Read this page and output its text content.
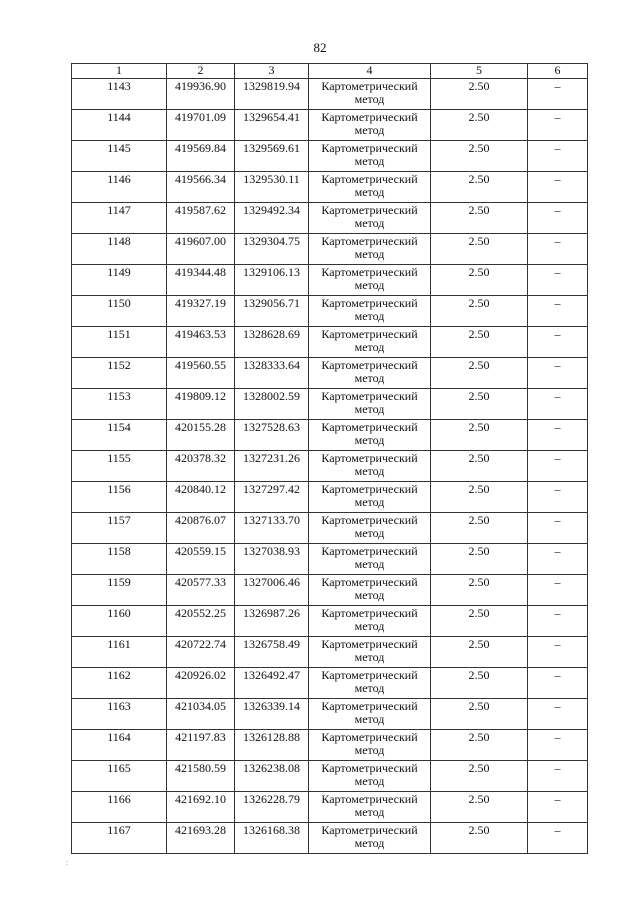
82
1	2	3	4	5	6
1143	419936.90	1329819.94	Картометрический метод	2.50	–
1144	419701.09	1329654.41	Картометрический метод	2.50	–
1145	419569.84	1329569.61	Картометрический метод	2.50	–
1146	419566.34	1329530.11	Картометрический метод	2.50	–
1147	419587.62	1329492.34	Картометрический метод	2.50	–
1148	419607.00	1329304.75	Картометрический метод	2.50	–
1149	419344.48	1329106.13	Картометрический метод	2.50	–
1150	419327.19	1329056.71	Картометрический метод	2.50	–
1151	419463.53	1328628.69	Картометрический метод	2.50	–
1152	419560.55	1328333.64	Картометрический метод	2.50	–
1153	419809.12	1328002.59	Картометрический метод	2.50	–
1154	420155.28	1327528.63	Картометрический метод	2.50	–
1155	420378.32	1327231.26	Картометрический метод	2.50	–
1156	420840.12	1327297.42	Картометрический метод	2.50	–
1157	420876.07	1327133.70	Картометрический метод	2.50	–
1158	420559.15	1327038.93	Картометрический метод	2.50	–
1159	420577.33	1327006.46	Картометрический метод	2.50	–
1160	420552.25	1326987.26	Картометрический метод	2.50	–
1161	420722.74	1326758.49	Картометрический метод	2.50	–
1162	420926.02	1326492.47	Картометрический метод	2.50	–
1163	421034.05	1326339.14	Картометрический метод	2.50	–
1164	421197.83	1326128.88	Картометрический метод	2.50	–
1165	421580.59	1326238.08	Картометрический метод	2.50	–
1166	421692.10	1326228.79	Картометрический метод	2.50	–
1167	421693.28	1326168.38	Картометрический метод	2.50	–
:
